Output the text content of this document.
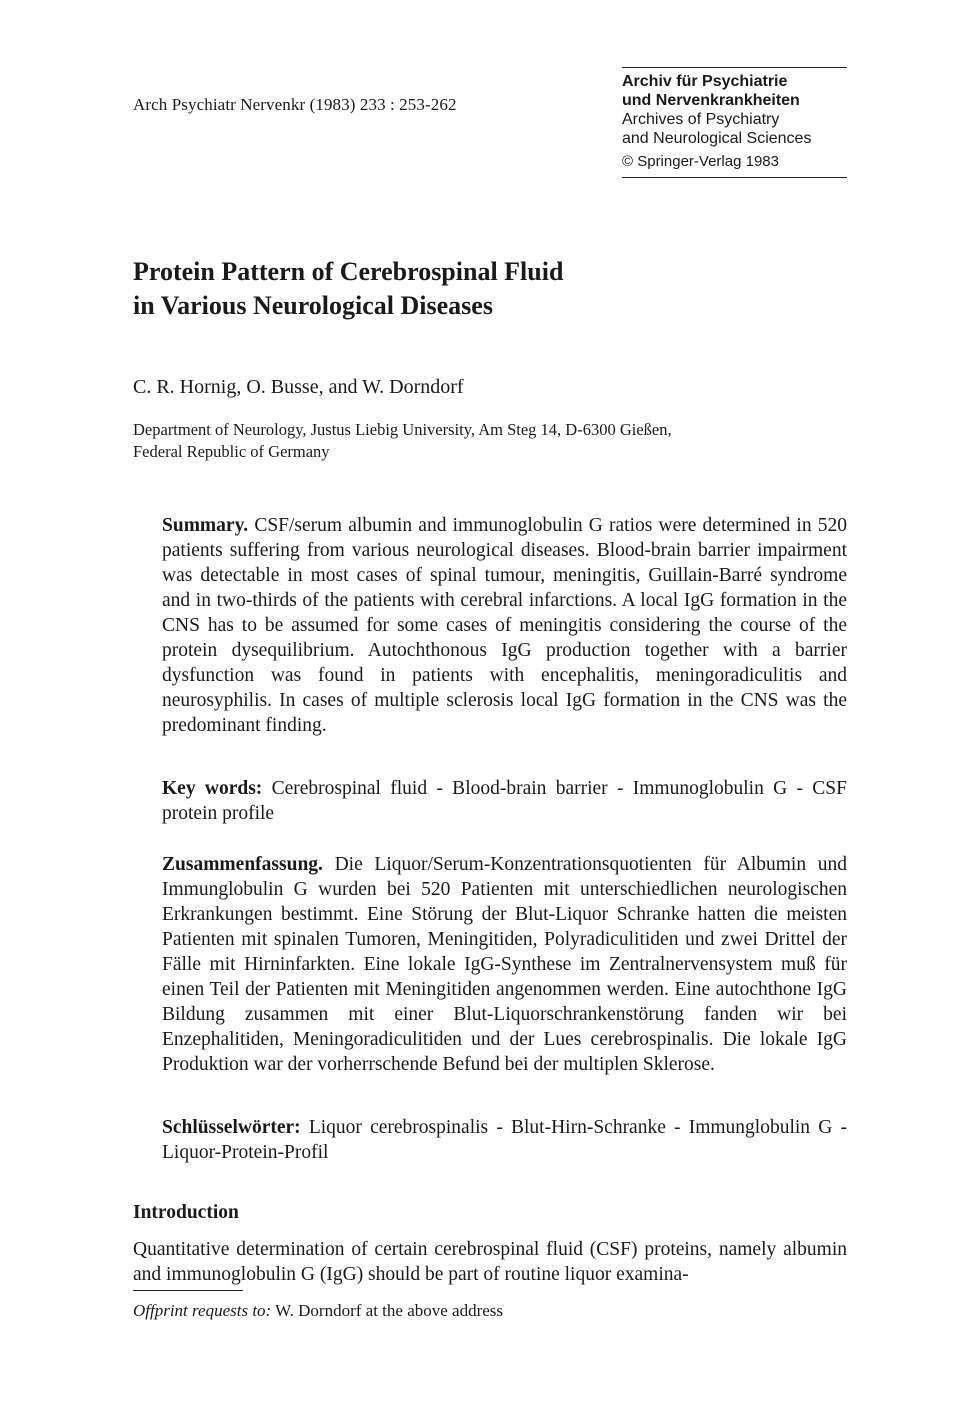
Arch Psychiatr Nervenkr (1983) 233 : 253-262
Archiv für Psychiatrie
und Nervenkrankheiten
Archives of Psychiatry
and Neurological Sciences
© Springer-Verlag 1983
Protein Pattern of Cerebrospinal Fluid
in Various Neurological Diseases
C. R. Hornig, O. Busse, and W. Dorndorf
Department of Neurology, Justus Liebig University, Am Steg 14, D-6300 Gießen,
Federal Republic of Germany
Summary. CSF/serum albumin and immunoglobulin G ratios were determined in 520 patients suffering from various neurological diseases. Blood-brain barrier impairment was detectable in most cases of spinal tumour, meningitis, Guillain-Barré syndrome and in two-thirds of the patients with cerebral infarctions. A local IgG formation in the CNS has to be assumed for some cases of meningitis considering the course of the protein dysequilibrium. Autochthonous IgG production together with a barrier dysfunction was found in patients with encephalitis, meningoradiculitis and neurosyphilis. In cases of multiple sclerosis local IgG formation in the CNS was the predominant finding.
Key words: Cerebrospinal fluid - Blood-brain barrier - Immunoglobulin G - CSF protein profile
Zusammenfassung. Die Liquor/Serum-Konzentrationsquotienten für Albumin und Immunglobulin G wurden bei 520 Patienten mit unterschiedlichen neurologischen Erkrankungen bestimmt. Eine Störung der Blut-Liquor Schranke hatten die meisten Patienten mit spinalen Tumoren, Meningitiden, Polyradiculitiden und zwei Drittel der Fälle mit Hirninfarkten. Eine lokale IgG-Synthese im Zentralnervensystem muß für einen Teil der Patienten mit Meningitiden angenommen werden. Eine autochthone IgG Bildung zusammen mit einer Blut-Liquorschrankenstörung fanden wir bei Enzephalitiden, Meningoradiculitiden und der Lues cerebrospinalis. Die lokale IgG Produktion war der vorherrschende Befund bei der multiplen Sklerose.
Schlüsselwörter: Liquor cerebrospinalis - Blut-Hirn-Schranke - Immunglobulin G - Liquor-Protein-Profil
Introduction
Quantitative determination of certain cerebrospinal fluid (CSF) proteins, namely albumin and immunoglobulin G (IgG) should be part of routine liquor examina-
Offprint requests to: W. Dorndorf at the above address
